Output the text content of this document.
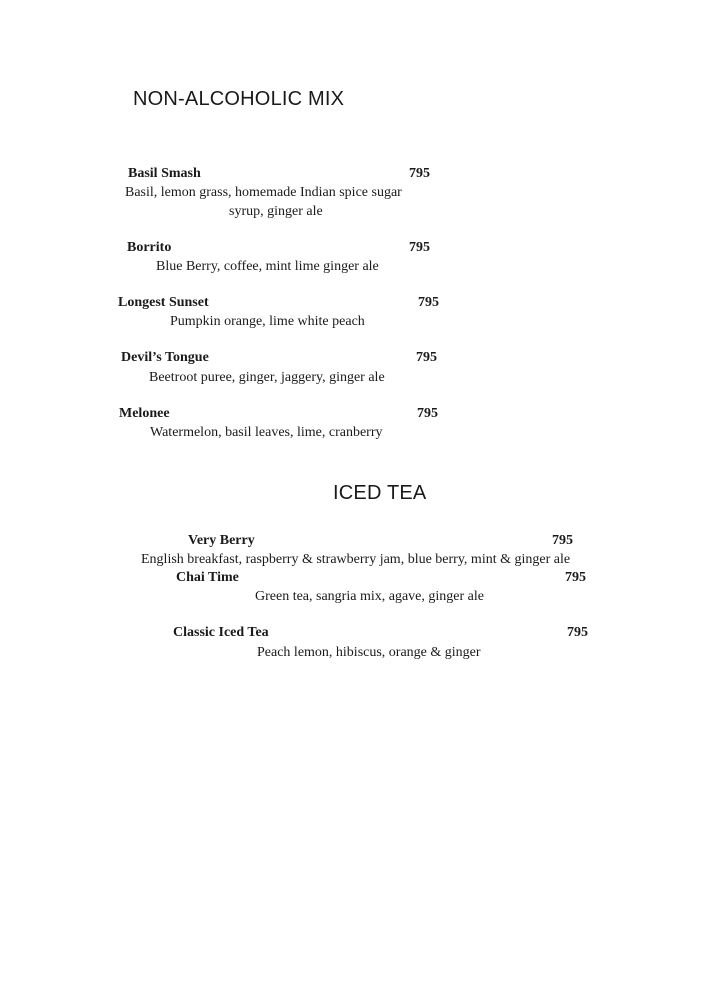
NON-ALCOHOLIC MIX
Basil Smash	795
Basil, lemon grass, homemade Indian spice sugar
syrup, ginger ale
Borrito	795
Blue Berry, coffee, mint lime ginger ale
Longest Sunset	795
Pumpkin orange, lime white peach
Devil’s Tongue	795
Beetroot puree, ginger, jaggery, ginger ale
Melonee	795
Watermelon, basil leaves, lime, cranberry
ICED TEA
Very Berry	795
English breakfast, raspberry & strawberry jam, blue berry, mint & ginger ale
Chai Time	795
Green tea, sangria mix, agave, ginger ale
Classic Iced Tea	795
Peach lemon, hibiscus, orange & ginger
